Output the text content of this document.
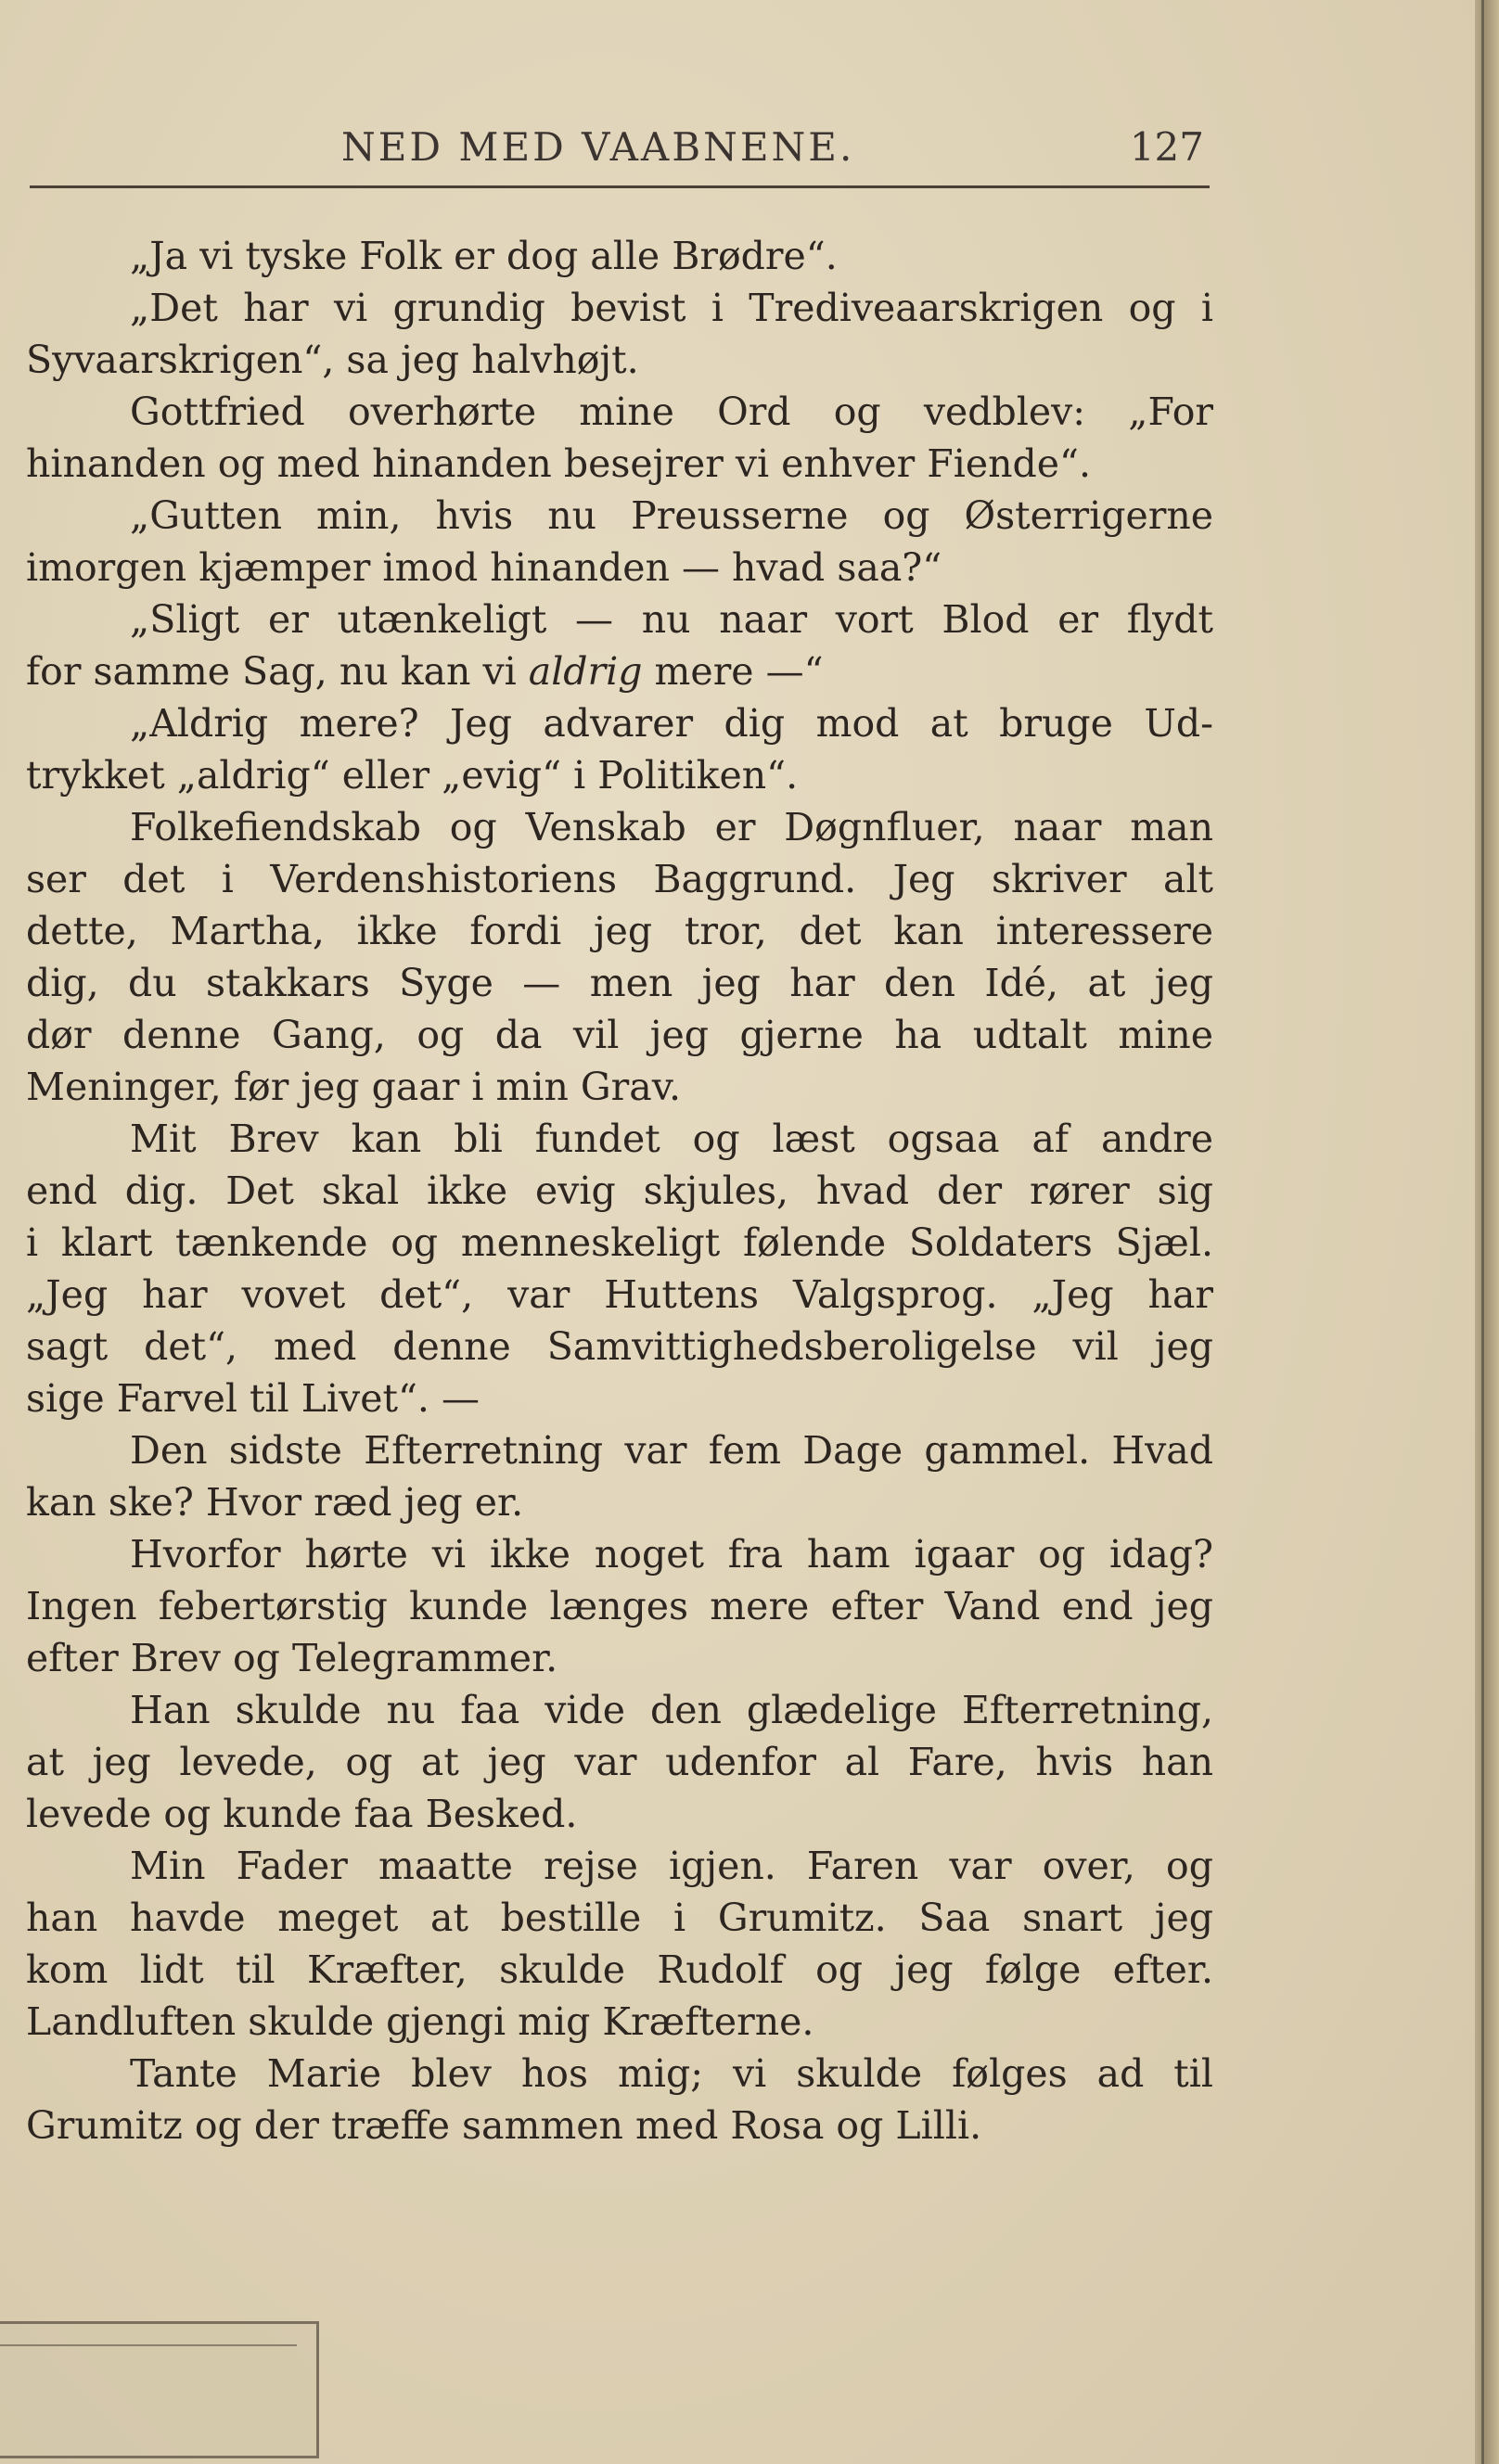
NED MED VAABNENE.	127
„Ja vi tyske Folk er dog alle Brødre“.
„Det har vi grundig bevist i Trediveaarskrigen og i
Syvaarskrigen“, sa jeg halvhøjt.
Gottfried overhørte mine Ord og vedblev: „For
hinanden og med hinanden besejrer vi enhver Fiende“.
„Gutten min, hvis nu Preusserne og Østerrigerne
imorgen kjæmper imod hinanden — hvad saa?“
„Sligt er utænkeligt — nu naar vort Blod er flydt
for samme Sag, nu kan vi aldrig mere —“
„Aldrig mere? Jeg advarer dig mod at bruge Ud-
trykket „aldrig“ eller „evig“ i Politiken“.
Folkefiendskab og Venskab er Døgnfluer, naar man
ser det i Verdenshistoriens Baggrund. Jeg skriver alt
dette, Martha, ikke fordi jeg tror, det kan interessere
dig, du stakkars Syge — men jeg har den Idé, at jeg
dør denne Gang, og da vil jeg gjerne ha udtalt mine
Meninger, før jeg gaar i min Grav.
Mit Brev kan bli fundet og læst ogsaa af andre
end dig. Det skal ikke evig skjules, hvad der rører sig
i klart tænkende og menneskeligt følende Soldaters Sjæl.
„Jeg har vovet det“, var Huttens Valgsprog. „Jeg har
sagt det“, med denne Samvittighedsberoligelse vil jeg
sige Farvel til Livet“. —
Den sidste Efterretning var fem Dage gammel. Hvad
kan ske? Hvor ræd jeg er.
Hvorfor hørte vi ikke noget fra ham igaar og idag?
Ingen febertørstig kunde længes mere efter Vand end jeg
efter Brev og Telegrammer.
Han skulde nu faa vide den glædelige Efterretning,
at jeg levede, og at jeg var udenfor al Fare, hvis han
levede og kunde faa Besked.
Min Fader maatte rejse igjen. Faren var over, og
han havde meget at bestille i Grumitz. Saa snart jeg
kom lidt til Kræfter, skulde Rudolf og jeg følge efter.
Landluften skulde gjengi mig Kræfterne.
Tante Marie blev hos mig; vi skulde følges ad til
Grumitz og der træffe sammen med Rosa og Lilli.
